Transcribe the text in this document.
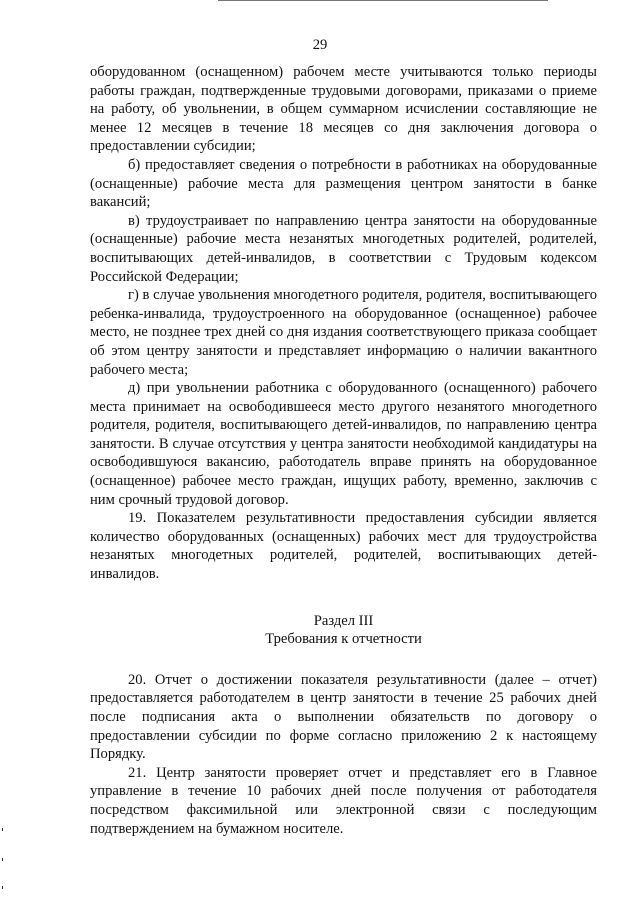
29

оборудованном (оснащенном) рабочем месте учитываются только периоды работы граждан, подтвержденные трудовыми договорами, приказами о приеме на работу, об увольнении, в общем суммарном исчислении составляющие не менее 12 месяцев в течение 18 месяцев со дня заключения договора о предоставлении субсидии;

б) предоставляет сведения о потребности в работниках на оборудованные (оснащенные) рабочие места для размещения центром занятости в банке вакансий;

в) трудоустраивает по направлению центра занятости на оборудованные (оснащенные) рабочие места незанятых многодетных родителей, родителей, воспитывающих детей-инвалидов, в соответствии с Трудовым кодексом Российской Федерации;

г) в случае увольнения многодетного родителя, родителя, воспитывающего ребенка-инвалида, трудоустроенного на оборудованное (оснащенное) рабочее место, не позднее трех дней со дня издания соответствующего приказа сообщает об этом центру занятости и представляет информацию о наличии вакантного рабочего места;

д) при увольнении работника с оборудованного (оснащенного) рабочего места принимает на освободившееся место другого незанятого многодетного родителя, родителя, воспитывающего детей-инвалидов, по направлению центра занятости. В случае отсутствия у центра занятости необходимой кандидатуры на освободившуюся вакансию, работодатель вправе принять на оборудованное (оснащенное) рабочее место граждан, ищущих работу, временно, заключив с ним срочный трудовой договор.

19. Показателем результативности предоставления субсидии является количество оборудованных (оснащенных) рабочих мест для трудоустройства незанятых многодетных родителей, родителей, воспитывающих детей-инвалидов.

Раздел III

Требования к отчетности

20. Отчет о достижении показателя результативности (далее – отчет) предоставляется работодателем в центр занятости в течение 25 рабочих дней после подписания акта о выполнении обязательств по договору о предоставлении субсидии по форме согласно приложению 2 к настоящему Порядку.

21. Центр занятости проверяет отчет и представляет его в Главное управление в течение 10 рабочих дней после получения от работодателя посредством факсимильной или электронной связи с последующим подтверждением на бумажном носителе.
